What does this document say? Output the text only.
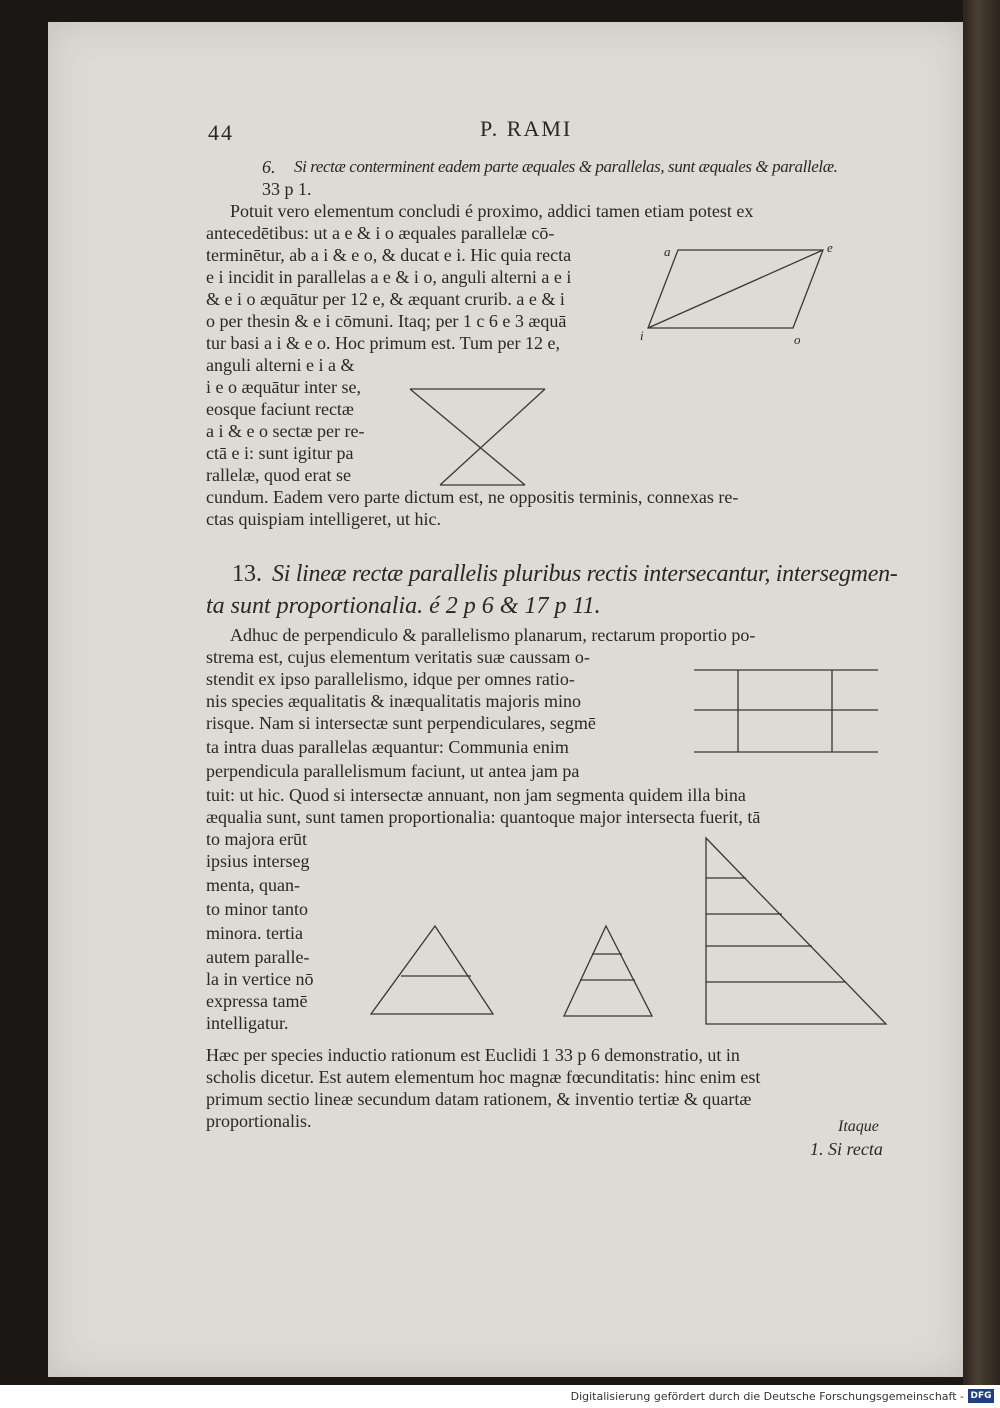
44	P. RAMI

6. Si rectæ conterminent eadem parte æquales & parallelas, sunt æquales & parallelæ.

33 p 1.

Potuit vero elementum concludi é proximo, addici tamen etiam potest ex

antecedētibus: ut a e & i o æquales parallelæ cō-

terminētur, ab a i & e o, & ducat e i. Hic quia recta

e i incidit in parallelas a e & i o, anguli alterni a e i

& e i o æquātur per 12 e, & æquant crurib. a e & i

o per thesin & e i cōmuni. Itaq; per 1 c 6 e 3 æquā

tur basi a i & e o. Hoc primum est. Tum per 12 e,

anguli alterni e i a &

i e o æquātur inter se,

eosque faciunt rectæ

a i & e o sectæ per re-

ctā e i: sunt igitur pa

rallelæ, quod erat se

cundum. Eadem vero parte dictum est, ne oppositis terminis, connexas re-

ctas quispiam intelligeret, ut hic.

a	e
i	o

13. Si lineæ rectæ parallelis pluribus rectis intersecantur, intersegmen-

ta sunt proportionalia. é 2 p 6 & 17 p 11.

Adhuc de perpendiculo & parallelismo planarum, rectarum proportio po-

strema est, cujus elementum veritatis suæ caussam o-

stendit ex ipso parallelismo, idque per omnes ratio-

nis species æqualitatis & inæqualitatis majoris mino

risque. Nam si intersectæ sunt perpendiculares, segmē

ta intra duas parallelas æquantur: Communia enim

perpendicula parallelismum faciunt, ut antea jam pa

tuit: ut hic. Quod si intersectæ annuant, non jam segmenta quidem illa bina

æqualia sunt, sunt tamen proportionalia: quantoque major intersecta fuerit, tā

to majora erūt

ipsius interseg

menta, quan-

to minor tanto

minora. tertia

autem paralle-

la in vertice nō

expressa tamē

intelligatur.

Hæc per species inductio rationum est Euclidi 1 33 p 6 demonstratio, ut in

scholis dicetur. Est autem elementum hoc magnæ fœcunditatis: hinc enim est

primum sectio lineæ secundum datam rationem, & inventio tertiæ & quartæ

proportionalis.	Itaque

1. Si recta

Digitalisierung gefördert durch die Deutsche Forschungsgemeinschaft - DFG
